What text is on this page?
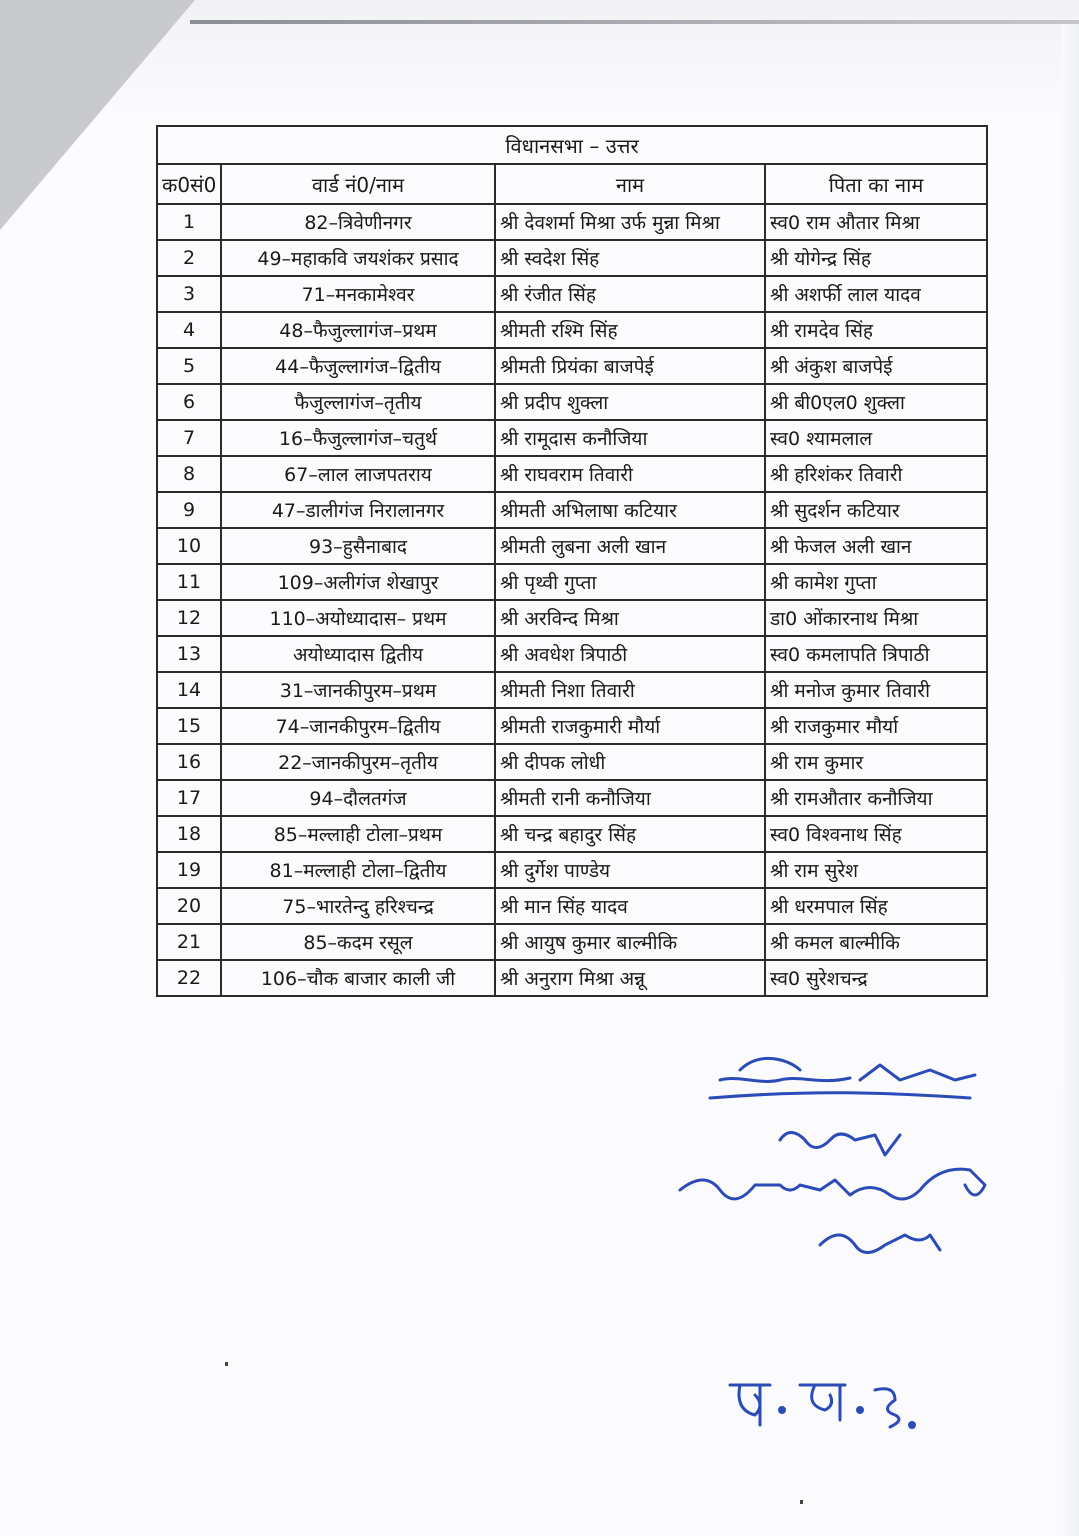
विधानसभा – उत्तर			
क0सं0	वार्ड नं0/नाम	नाम	पिता का नाम
1	82–त्रिवेणीनगर	श्री देवशर्मा मिश्रा उर्फ मुन्ना मिश्रा	स्व0 राम औतार मिश्रा
2	49–महाकवि जयशंकर प्रसाद	श्री स्वदेश सिंह	श्री योगेन्द्र सिंह
3	71–मनकामेश्वर	श्री रंजीत सिंह	श्री अशर्फी लाल यादव
4	48–फैजुल्लागंज–प्रथम	श्रीमती रश्मि सिंह	श्री रामदेव सिंह
5	44–फैजुल्लागंज–द्वितीय	श्रीमती प्रियंका बाजपेई	श्री अंकुश बाजपेई
6	फैजुल्लागंज–तृतीय	श्री प्रदीप शुक्ला	श्री बी0एल0 शुक्ला
7	16–फैजुल्लागंज–चतुर्थ	श्री रामूदास कनौजिया	स्व0 श्यामलाल
8	67–लाल लाजपतराय	श्री राघवराम तिवारी	श्री हरिशंकर तिवारी
9	47–डालीगंज निरालानगर	श्रीमती अभिलाषा कटियार	श्री सुदर्शन कटियार
10	93–हुसैनाबाद	श्रीमती लुबना अली खान	श्री फेजल अली खान
11	109–अलीगंज शेखापुर	श्री पृथ्वी गुप्ता	श्री कामेश गुप्ता
12	110–अयोध्यादास– प्रथम	श्री अरविन्द मिश्रा	डा0 ओंकारनाथ मिश्रा
13	अयोध्यादास द्वितीय	श्री अवधेश त्रिपाठी	स्व0 कमलापति त्रिपाठी
14	31–जानकीपुरम–प्रथम	श्रीमती निशा तिवारी	श्री मनोज कुमार तिवारी
15	74–जानकीपुरम–द्वितीय	श्रीमती राजकुमारी मौर्या	श्री राजकुमार मौर्या
16	22–जानकीपुरम–तृतीय	श्री दीपक लोधी	श्री राम कुमार
17	94–दौलतगंज	श्रीमती रानी कनौजिया	श्री रामऔतार कनौजिया
18	85–मल्लाही टोला–प्रथम	श्री चन्द्र बहादुर सिंह	स्व0 विश्वनाथ सिंह
19	81–मल्लाही टोला–द्वितीय	श्री दुर्गेश पाण्डेय	श्री राम सुरेश
20	75–भारतेन्दु हरिश्चन्द्र	श्री मान सिंह यादव	श्री धरमपाल सिंह
21	85–कदम रसूल	श्री आयुष कुमार बाल्मीकि	श्री कमल बाल्मीकि
22	106–चौक बाजार काली जी	श्री अनुराग मिश्रा अन्नू	स्व0 सुरेशचन्द्र
